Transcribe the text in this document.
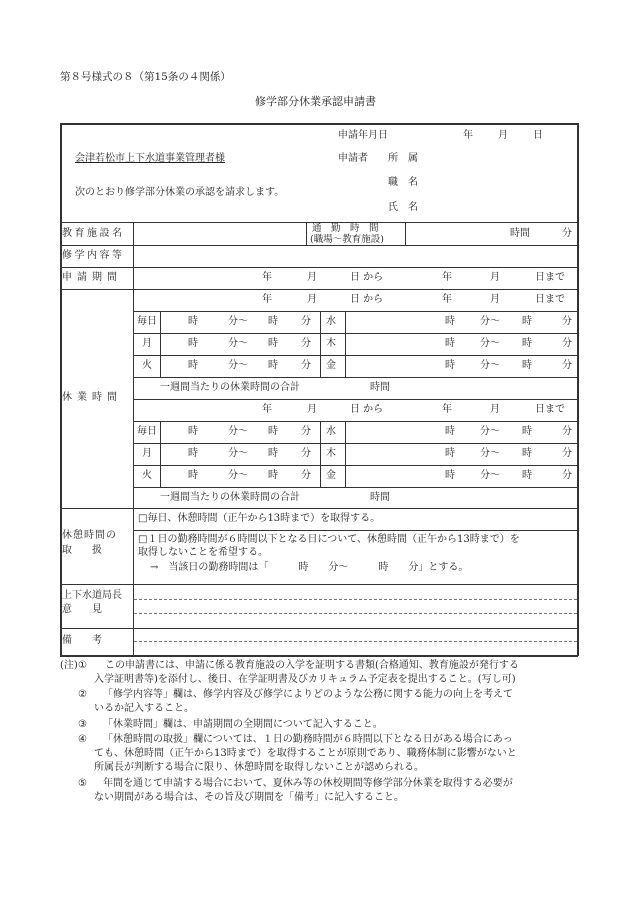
第８号様式の８（第15条の４関係）
修学部分休業承認申請書
申請年月日	年	月	日
会津若松市上下水道事業管理者様	申請者 所　属
職　名
次のとおり修学部分休業の承認を請求します。
氏　名
教育施設名	通　勤　時　間
(職場～教育施設)
時間	分
修学内容等
申請期間	年	月	日 から	年	月	日まで
休業時間
年	月	日 から	年	月	日まで
毎日	時	分～ 時 分 水	時	分～ 時	分
月	時	分～ 時 分 木	時	分～ 時	分
火	時	分～ 時 分 金	時	分～ 時	分
一週間当たりの休業時間の合計	時間
年	月	日 から	年	月	日まで
毎日	時	分～ 時 分 水	時	分～ 時	分
月	時	分～ 時 分 木	時	分～ 時	分
火	時	分～ 時 分 金	時	分～ 時	分
一週間当たりの休業時間の合計	時間
休憩時間の
取　　扱
□毎日、休憩時間（正午から13時まで）を取得する。
□１日の勤務時間が６時間以下となる日について、休憩時間（正午から13時まで）を
取得しないことを希望する。
→　当該日の勤務時間は「　　　時　　分～　　　時　　分」とする。
上下水道局長
意　　見
備　　考
(注) ① この申請書には、申請に係る教育施設の入学を証明する書類(合格通知、教育施設が発行する
入学証明書等)を添付し、後日、在学証明書及びカリキュラム予定表を提出すること。(写し可)
② 「修学内容等」欄は、修学内容及び修学によりどのような公務に関する能力の向上を考えて
いるか記入すること。
③ 「休業時間」欄は、申請期間の全期間について記入すること。
④ 「休憩時間の取扱」欄については、１日の勤務時間が６時間以下となる日がある場合にあっ
ても、休憩時間（正午から13時まで）を取得することが原則であり、職務体制に影響がないと
所属長が判断する場合に限り、休憩時間を取得しないことが認められる。
⑤ 年間を通じて申請する場合において、夏休み等の休校期間等修学部分休業を取得する必要が
ない期間がある場合は、その旨及び期間を「備考」に記入すること。
